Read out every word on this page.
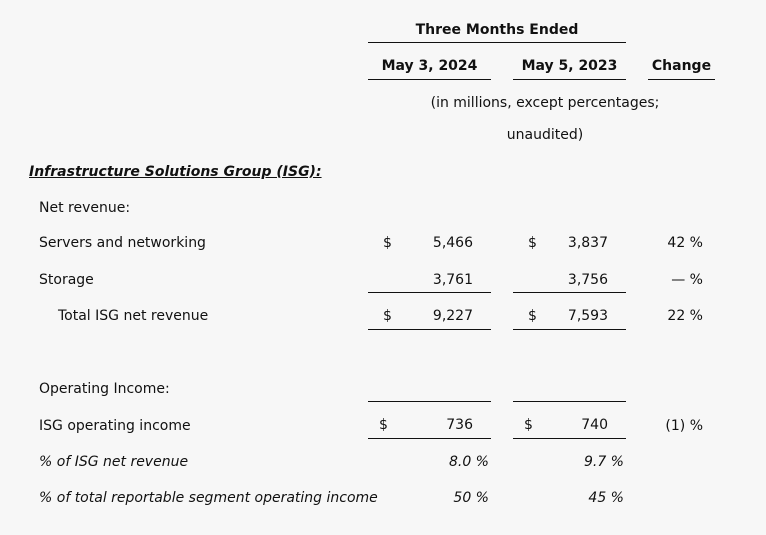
Three Months Ended
May 3, 2024	May 5, 2023	Change
(in millions, except percentages;
unaudited)
Infrastructure Solutions Group (ISG):
Net revenue:
Servers and networking	$	5,466	$	3,837	42 %
Storage	3,761	3,756	— %
Total ISG net revenue	$	9,227	$	7,593	22 %
Operating Income:
ISG operating income	$	736	$	740	(1) %
% of ISG net revenue	8.0 %	9.7 %
% of total reportable segment operating income	50 %	45 %
